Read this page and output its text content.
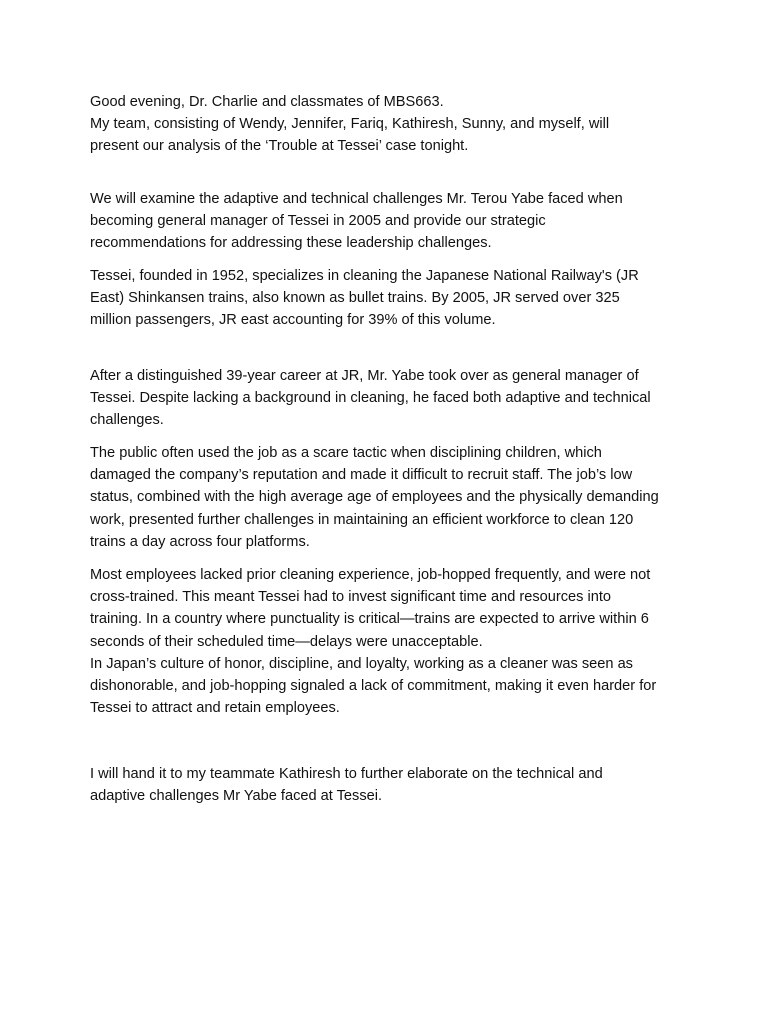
Good evening, Dr. Charlie and classmates of MBS663.
My team, consisting of Wendy, Jennifer, Fariq, Kathiresh, Sunny, and myself, will
present our analysis of the ‘Trouble at Tessei’ case tonight.
We will examine the adaptive and technical challenges Mr. Terou Yabe faced when
becoming general manager of Tessei in 2005 and provide our strategic
recommendations for addressing these leadership challenges.
Tessei, founded in 1952, specializes in cleaning the Japanese National Railway's (JR
East) Shinkansen trains, also known as bullet trains. By 2005, JR served over 325
million passengers, JR east accounting for 39% of this volume.
After a distinguished 39-year career at JR, Mr. Yabe took over as general manager of
Tessei. Despite lacking a background in cleaning, he faced both adaptive and technical
challenges.
The public often used the job as a scare tactic when disciplining children, which
damaged the company’s reputation and made it difficult to recruit staff. The job’s low
status, combined with the high average age of employees and the physically demanding
work, presented further challenges in maintaining an efficient workforce to clean 120
trains a day across four platforms.
Most employees lacked prior cleaning experience, job-hopped frequently, and were not
cross-trained. This meant Tessei had to invest significant time and resources into
training. In a country where punctuality is critical—trains are expected to arrive within 6
seconds of their scheduled time—delays were unacceptable.
In Japan’s culture of honor, discipline, and loyalty, working as a cleaner was seen as
dishonorable, and job-hopping signaled a lack of commitment, making it even harder for
Tessei to attract and retain employees.
I will hand it to my teammate Kathiresh to further elaborate on the technical and
adaptive challenges Mr Yabe faced at Tessei.
